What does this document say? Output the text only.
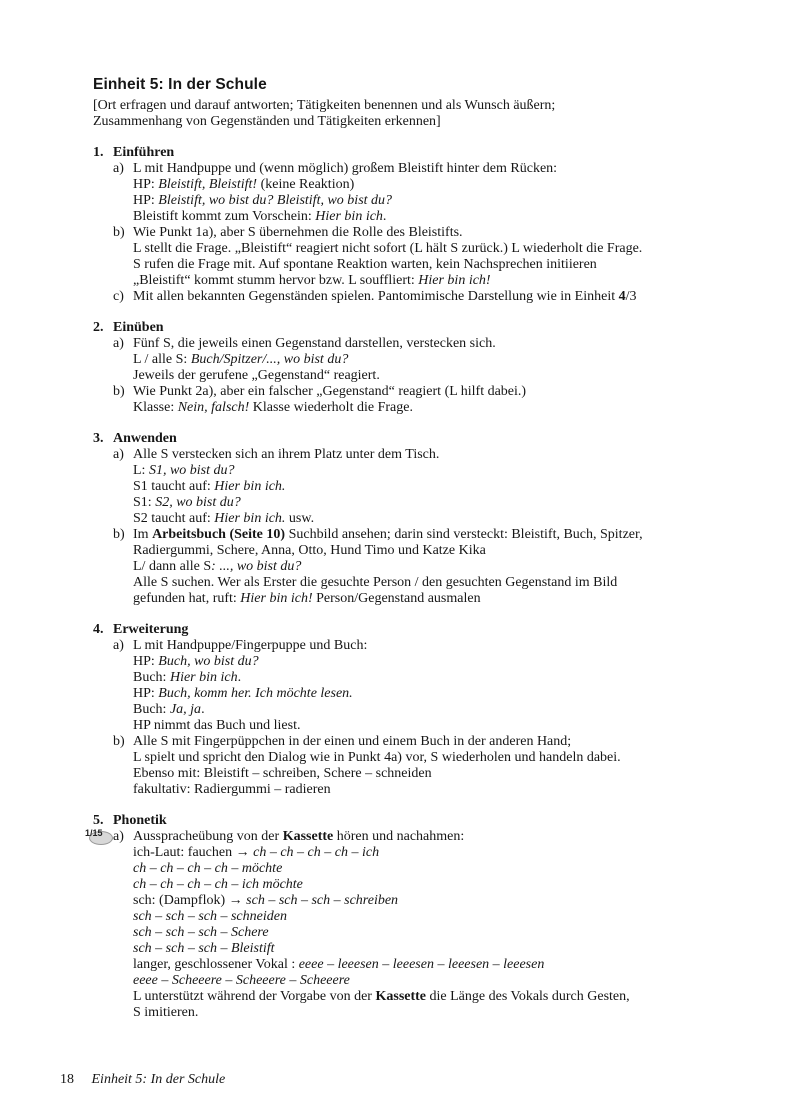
Einheit 5: In der Schule
[Ort erfragen und darauf antworten; Tätigkeiten benennen und als Wunsch äußern;
Zusammenhang von Gegenständen und Tätigkeiten erkennen]
1. Einführen
a) L mit Handpuppe und (wenn möglich) großem Bleistift hinter dem Rücken:
HP: Bleistift, Bleistift! (keine Reaktion)
HP: Bleistift, wo bist du? Bleistift, wo bist du?
Bleistift kommt zum Vorschein: Hier bin ich.
b) Wie Punkt 1a), aber S übernehmen die Rolle des Bleistifts.
L stellt die Frage. „Bleistift“ reagiert nicht sofort (L hält S zurück.) L wiederholt die Frage.
S rufen die Frage mit. Auf spontane Reaktion warten, kein Nachsprechen initiieren
„Bleistift“ kommt stumm hervor bzw. L souffliert: Hier bin ich!
c) Mit allen bekannten Gegenständen spielen. Pantomimische Darstellung wie in Einheit 4/3
2. Einüben
a) Fünf S, die jeweils einen Gegenstand darstellen, verstecken sich.
L / alle S: Buch/Spitzer/..., wo bist du?
Jeweils der gerufene „Gegenstand“ reagiert.
b) Wie Punkt 2a), aber ein falscher „Gegenstand“ reagiert (L hilft dabei.)
Klasse: Nein, falsch! Klasse wiederholt die Frage.
3. Anwenden
a) Alle S verstecken sich an ihrem Platz unter dem Tisch.
L: S1, wo bist du?
S1 taucht auf: Hier bin ich.
S1: S2, wo bist du?
S2 taucht auf: Hier bin ich. usw.
b) Im Arbeitsbuch (Seite 10) Suchbild ansehen; darin sind versteckt: Bleistift, Buch, Spitzer,
Radiergummi, Schere, Anna, Otto, Hund Timo und Katze Kika
L/ dann alle S: ..., wo bist du?
Alle S suchen. Wer als Erster die gesuchte Person / den gesuchten Gegenstand im Bild
gefunden hat, ruft: Hier bin ich! Person/Gegenstand ausmalen
4. Erweiterung
a) L mit Handpuppe/Fingerpuppe und Buch:
HP: Buch, wo bist du?
Buch: Hier bin ich.
HP: Buch, komm her. Ich möchte lesen.
Buch: Ja, ja.
HP nimmt das Buch und liest.
b) Alle S mit Fingerpüppchen in der einen und einem Buch in der anderen Hand;
L spielt und spricht den Dialog wie in Punkt 4a) vor, S wiederholen und handeln dabei.
Ebenso mit: Bleistift – schreiben, Schere – schneiden
fakultativ: Radiergummi – radieren
5. Phonetik
1/15 a) Ausspracheübung von der Kassette hören und nachahmen:
ich-Laut: fauchen → ch – ch – ch – ch – ich
ch – ch – ch – ch – möchte
ch – ch – ch – ch – ich möchte
sch: (Dampflok) → sch – sch – sch – schreiben
sch – sch – sch – schneiden
sch – sch – sch – Schere
sch – sch – sch – Bleistift
langer, geschlossener Vokal : eeee – leeesen – leeesen – leeesen – leeesen
eeee – Scheeere – Scheeere – Scheeere
L unterstützt während der Vorgabe von der Kassette die Länge des Vokals durch Gesten,
S imitieren.
18 Einheit 5: In der Schule
